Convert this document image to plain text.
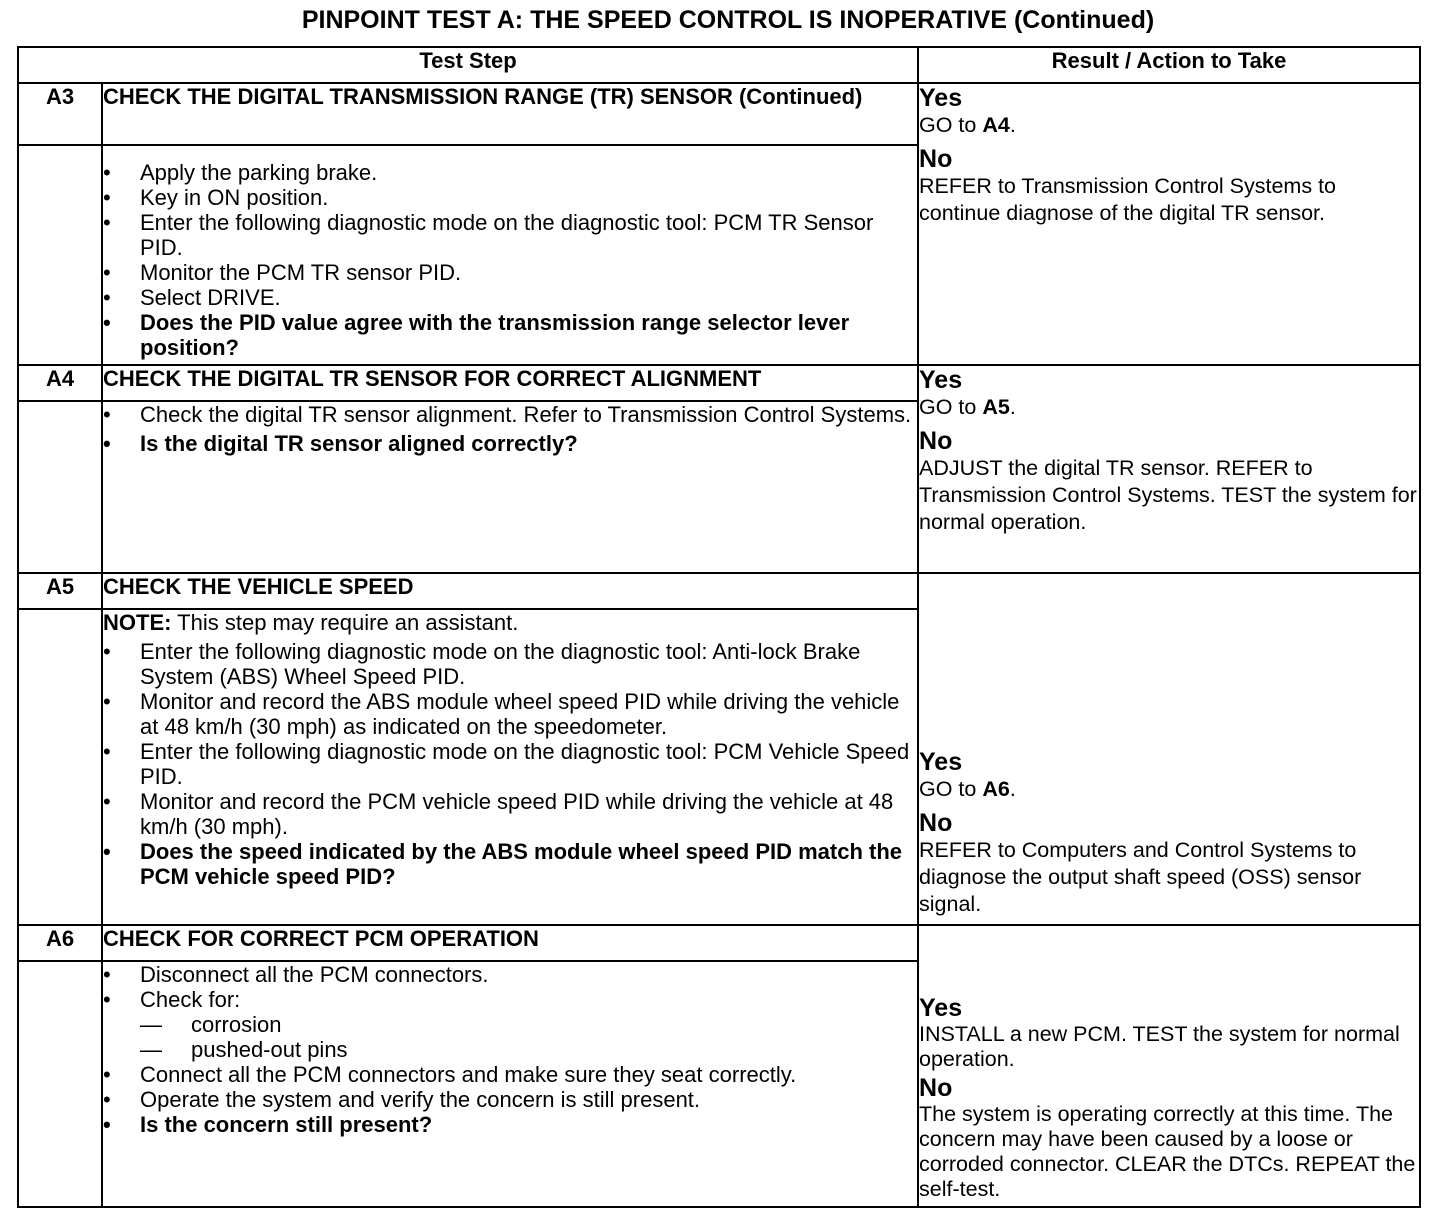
PINPOINT TEST A: THE SPEED CONTROL IS INOPERATIVE (Continued)
Test Step		Result / Action to Take
A3	CHECK THE DIGITAL TRANSMISSION RANGE (TR) SENSOR (Continued)	Yes
GO to A4.
No
REFER to Transmission Control Systems to continue diagnose of the digital TR sensor.

• Apply the parking brake.
• Key in ON position.
• Enter the following diagnostic mode on the diagnostic tool: PCM TR Sensor PID.
• Monitor the PCM TR sensor PID.
• Select DRIVE.
• Does the PID value agree with the transmission range selector lever position?

A4	CHECK THE DIGITAL TR SENSOR FOR CORRECT ALIGNMENT	Yes
GO to A5.
No
ADJUST the digital TR sensor. REFER to Transmission Control Systems. TEST the system for normal operation.

	• Check the digital TR sensor alignment. Refer to Transmission Control Systems.
• Is the digital TR sensor aligned correctly?	

A5	CHECK THE VEHICLE SPEED	Yes
GO to A6.
No
REFER to Computers and Control Systems to diagnose the output shaft speed (OSS) sensor signal.

NOTE: This step may require an assistant.
• Enter the following diagnostic mode on the diagnostic tool: Anti-lock Brake System (ABS) Wheel Speed PID.
• Monitor and record the ABS module wheel speed PID while driving the vehicle at 48 km/h (30 mph) as indicated on the speedometer.
• Enter the following diagnostic mode on the diagnostic tool: PCM Vehicle Speed PID.
• Monitor and record the PCM vehicle speed PID while driving the vehicle at 48 km/h (30 mph).
• Does the speed indicated by the ABS module wheel speed PID match the PCM vehicle speed PID?

A6	CHECK FOR CORRECT PCM OPERATION	Yes
INSTALL a new PCM. TEST the system for normal operation.
No
The system is operating correctly at this time. The concern may have been caused by a loose or corroded connector. CLEAR the DTCs. REPEAT the self-test.

• Disconnect all the PCM connectors.
• Check for:
— corrosion
— pushed-out pins
• Connect all the PCM connectors and make sure they seat correctly.
• Operate the system and verify the concern is still present.
• Is the concern still present?
